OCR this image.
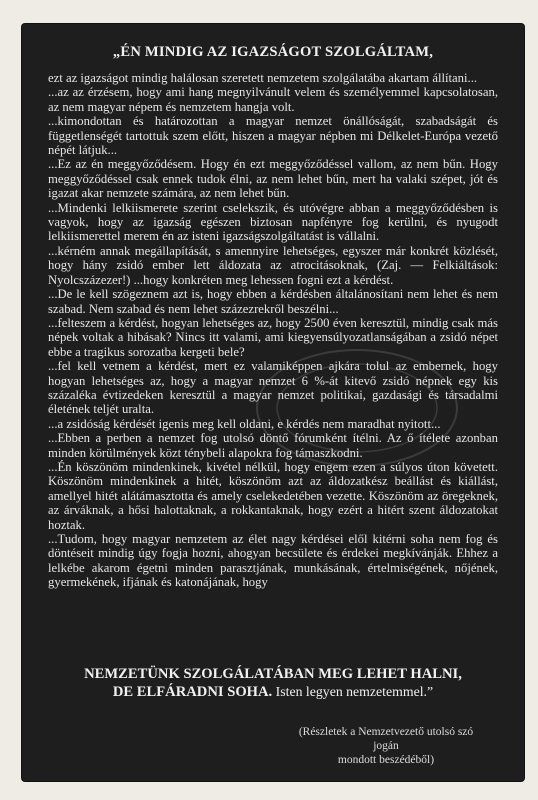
„ÉN MINDIG AZ IGAZSÁGOT SZOLGÁLTAM,

ezt az igazságot mindig halálosan szeretett nemzetem szolgálatába akartam állítani...

...az az érzésem, hogy ami hang megnyilvánult velem és személyemmel kapcsolatosan, az nem magyar népem és nemzetem hangja volt.

...kimondottan és határozottan a magyar nemzet önállóságát, szabadságát és függetlenségét tartottuk szem előtt, hiszen a magyar népben mi Délkelet-Európa vezető népét látjuk...

...Ez az én meggyőződésem. Hogy én ezt meggyőződéssel vallom, az nem bűn. Hogy meggyőződéssel csak ennek tudok élni, az nem lehet bűn, mert ha valaki szépet, jót és igazat akar nemzete számára, az nem lehet bűn.

...Mindenki lelkiismerete szerint cselekszik, és utóvégre abban a meggyőződésben is vagyok, hogy az igazság egészen biztosan napfényre fog kerülni, és nyugodt lelkiismerettel merem én az isteni igazságszolgáltatást is vállalni.

...kérném annak megállapítását, s amennyire lehetséges, egyszer már konkrét közlését, hogy hány zsidó ember lett áldozata az atrocitásoknak, (Zaj. — Felkiáltások: Nyolcszázezer!) ...hogy konkréten meg lehessen fogni ezt a kérdést.

...De le kell szögeznem azt is, hogy ebben a kérdésben általánosítani nem lehet és nem szabad. Nem szabad és nem lehet százezrekről beszélni...

...felteszem a kérdést, hogyan lehetséges az, hogy 2500 éven keresztül, mindig csak más népek voltak a hibásak? Nincs itt valami, ami kiegyensúlyozatlanságában a zsidó népet ebbe a tragikus sorozatba kergeti bele?

...fel kell vetnem a kérdést, mert ez valamiképpen ajkára tolul az embernek, hogy hogyan lehetséges az, hogy a magyar nemzet 6 %-át kitevő zsidó népnek egy kis százaléka évtizedeken keresztül a magyar nemzet politikai, gazdasági és társadalmi életének teljét uralta.

...a zsidóság kérdését igenis meg kell oldani, e kérdés nem maradhat nyitott...

...Ebben a perben a nemzet fog utolsó döntő fórumként ítélni. Az ő ítélete azonban minden körülmények közt ténybeli alapokra fog támaszkodni.

...Én köszönöm mindenkinek, kivétel nélkül, hogy engem ezen a súlyos úton követett. Köszönöm mindenkinek a hitét, köszönöm azt az áldozatkész beállást és kiállást, amellyel hitét alátámasztotta és amely cselekedetében vezette. Köszönöm az öregeknek, az árváknak, a hősi halottaknak, a rokkantaknak, hogy ezért a hitért szent áldozatokat hoztak.

...Tudom, hogy magyar nemzetem az élet nagy kérdései elől kitérni soha nem fog és döntéseit mindig úgy fogja hozni, ahogyan becsülete és érdekei megkívánják. Ehhez a lelkébe akarom égetni minden parasztjának, munkásának, értelmiségének, nőjének, gyermekének, ifjának és katonájának, hogy

NEMZETÜNK SZOLGÁLATÁBAN MEG LEHET HALNI,
DE ELFÁRADNI SOHA. Isten legyen nemzetemmel.”
(Részletek a Nemzetvezető utolsó szó jogán
mondott beszédéből)
